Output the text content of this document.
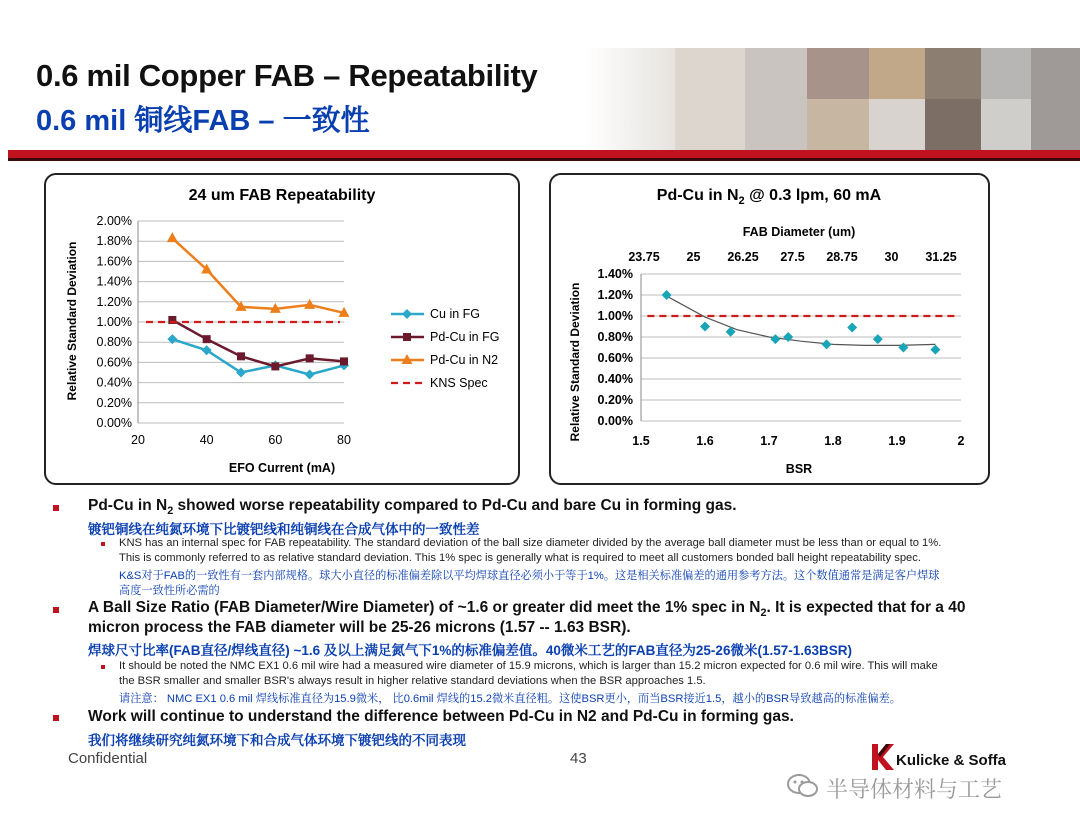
0.6 mil Copper FAB – Repeatability
0.6 mil 铜线FAB – 一致性
24 um FAB Repeatability
EFO Current (mA)
Relative Standard Deviation
0.00%
0.20%
0.40%
0.60%
0.80%
1.00%
1.20%
1.40%
1.60%
1.80%
2.00%
20	40	60	80
Cu in FG
Pd-Cu in FG
Pd-Cu in N2
KNS Spec
Pd-Cu in $N_2$ @ 0.3 lpm, 60 mA
FAB Diameter (um)
BSR
Relative Standard Deviation 0.00%
0.20%
0.40%
0.60%
0.80%
1.00%
1.20%
1.40%
1.5	1.6	1.7	1.8	1.9	2
23.75 25 26.25 27.5 28.75 30 31.25
Pd-Cu in $N_2$ showed worse repeatability compared to Pd-Cu and bare Cu in forming gas.
镀钯铜线在纯氮环境下比镀钯线和纯铜线在合成气体中的一致性差
KNS has an internal spec for FAB repeatability. The standard deviation of the ball size diameter divided by the average ball diameter must be less than or equal to 1%.
This is commonly referred to as relative standard deviation. This 1% spec is generally what is required to meet all customers bonded ball height repeatability spec.
K&S对于FAB的一致性有一套内部规格。球大小直径的标准偏差除以平均焊球直径必须小于等于1%。这是相关标准偏差的通用参考方法。这个数值通常是满足客户焊球
高度一致性所必需的
A Ball Size Ratio (FAB Diameter/Wire Diameter) of ~1.6 or greater did meet the 1% spec in $N_2$. It is expected that for a 40
micron process the FAB diameter will be 25-26 microns (1.57 -- 1.63 BSR).
焊球尺寸比率(FAB直径/焊线直径) ~1.6 及以上满足氮气下1%的标准偏差值。40微米工艺的FAB直径为25-26微米(1.57-1.63BSR)
It should be noted the NMC EX1 0.6 mil wire had a measured wire diameter of 15.9 microns, which is larger than 15.2 micron expected for 0.6 mil wire. This will make
the BSR smaller and smaller BSR's always result in higher relative standard deviations when the BSR approaches 1.5.
请注意： NMC EX1 0.6 mil 焊线标准直径为15.9微米， 比0.6mil 焊线的15.2微米直径粗。这使BSR更小，而当BSR接近1.5，越小的BSR导致越高的标准偏差。
Work will continue to understand the difference between Pd-Cu in N2 and Pd-Cu in forming gas.
我们将继续研究纯氮环境下和合成气体环境下镀钯线的不同表现
Confidential	43	Kulicke & Soffa
半导体材料与工艺
